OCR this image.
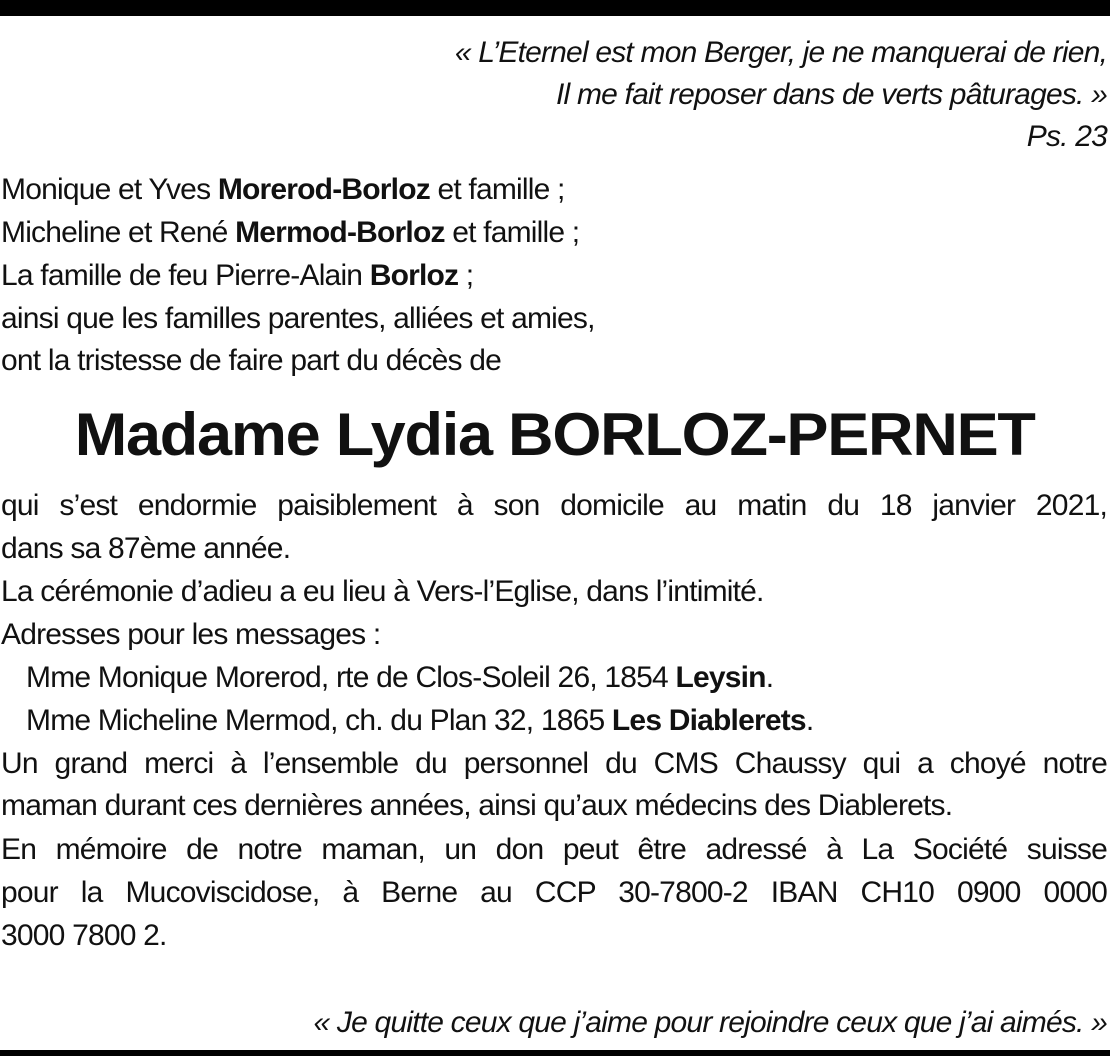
« L’Eternel est mon Berger, je ne manquerai de rien,
Il me fait reposer dans de verts pâturages. »
Ps. 23
Monique et Yves Morerod-Borloz et famille ;
Micheline et René Mermod-Borloz et famille ;
La famille de feu Pierre-Alain Borloz ;
ainsi que les familles parentes, alliées et amies,
ont la tristesse de faire part du décès de
Madame Lydia BORLOZ-PERNET
qui s’est endormie paisiblement à son domicile au matin du 18 janvier 2021,
dans sa 87ème année.
La cérémonie d’adieu a eu lieu à Vers-l’Eglise, dans l’intimité.
Adresses pour les messages :
Mme Monique Morerod, rte de Clos-Soleil 26, 1854 Leysin.
Mme Micheline Mermod, ch. du Plan 32, 1865 Les Diablerets.
Un grand merci à l’ensemble du personnel du CMS Chaussy qui a choyé notre
maman durant ces dernières années, ainsi qu’aux médecins des Diablerets.
En mémoire de notre maman, un don peut être adressé à La Société suisse
pour la Mucoviscidose, à Berne au CCP 30-7800-2 IBAN CH10 0900 0000
3000 7800 2.
« Je quitte ceux que j’aime pour rejoindre ceux que j’ai aimés. »
